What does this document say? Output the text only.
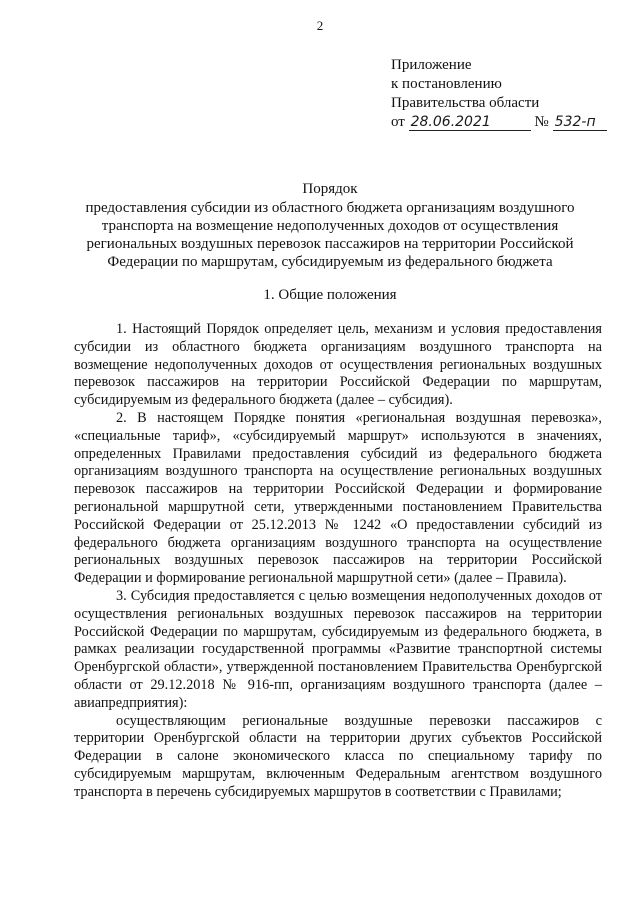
2
Приложение
к постановлению
Правительства области
от 28.06.2021	№ 532-п
Порядок
предоставления субсидии из областного бюджета организациям воздушного транспорта на возмещение недополученных доходов от осуществления региональных воздушных перевозок пассажиров на территории Российской Федерации по маршрутам, субсидируемым из федерального бюджета
1. Общие положения

1. Настоящий Порядок определяет цель, механизм и условия предоставления субсидии из областного бюджета организациям воздушного транспорта на возмещение недополученных доходов от осуществления региональных воздушных перевозок пассажиров на территории Российской Федерации по маршрутам, субсидируемым из федерального бюджета (далее – субсидия).

2. В настоящем Порядке понятия «региональная воздушная перевозка», «специальные тариф», «субсидируемый маршрут» используются в значениях, определенных Правилами предоставления субсидий из федерального бюджета организациям воздушного транспорта на осуществление региональных воздушных перевозок пассажиров на территории Российской Федерации и формирование региональной маршрутной сети, утвержденными постановлением Правительства Российской Федерации от 25.12.2013 № 1242 «О предоставлении субсидий из федерального бюджета организациям воздушного транспорта на осуществление региональных воздушных перевозок пассажиров на территории Российской Федерации и формирование региональной маршрутной сети» (далее – Правила).

3. Субсидия предоставляется с целью возмещения недополученных доходов от осуществления региональных воздушных перевозок пассажиров на территории Российской Федерации по маршрутам, субсидируемым из федерального бюджета, в рамках реализации государственной программы «Развитие транспортной системы Оренбургской области», утвержденной постановлением Правительства Оренбургской области от 29.12.2018 № 916-пп, организациям воздушного транспорта (далее – авиапредприятия):

осуществляющим региональные воздушные перевозки пассажиров с территории Оренбургской области на территории других субъектов Российской Федерации в салоне экономического класса по специальному тарифу по субсидируемым маршрутам, включенным Федеральным агентством воздушного транспорта в перечень субсидируемых маршрутов в соответствии с Правилами;
